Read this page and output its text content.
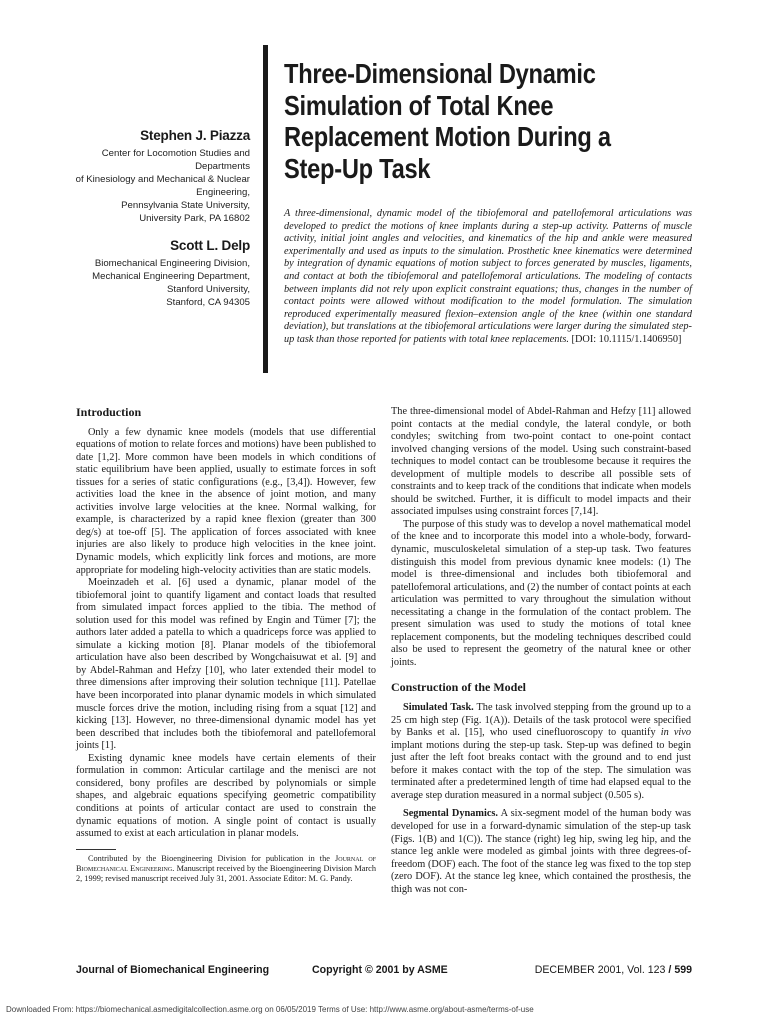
Stephen J. Piazza

Center for Locomotion Studies and Departments
of Kinesiology and Mechanical & Nuclear
Engineering,
Pennsylvania State University,
University Park, PA 16802

Scott L. Delp

Biomechanical Engineering Division,
Mechanical Engineering Department,
Stanford University,
Stanford, CA 94305

Three-Dimensional Dynamic
Simulation of Total Knee
Replacement Motion During a
Step-Up Task

A three-dimensional, dynamic model of the tibiofemoral and patellofemoral articulations was developed to predict the motions of knee implants during a step-up activity. Patterns of muscle activity, initial joint angles and velocities, and kinematics of the hip and ankle were measured experimentally and used as inputs to the simulation. Prosthetic knee kinematics were determined by integration of dynamic equations of motion subject to forces generated by muscles, ligaments, and contact at both the tibiofemoral and patellofemoral articulations. The modeling of contacts between implants did not rely upon explicit constraint equations; thus, changes in the number of contact points were allowed without modification to the model formulation. The simulation reproduced experimentally measured flexion–extension angle of the knee (within one standard deviation), but translations at the tibiofemoral articulations were larger during the simulated step-up task than those reported for patients with total knee replacements. [DOI: 10.1115/1.1406950]

Introduction

Only a few dynamic knee models (models that use differential equations of motion to relate forces and motions) have been published to date [1,2]. More common have been models in which conditions of static equilibrium have been applied, usually to estimate forces in soft tissues for a series of static configurations (e.g., [3,4]). However, few activities load the knee in the absence of joint motion, and many activities involve large velocities at the knee. Normal walking, for example, is characterized by a rapid knee flexion (greater than 300 deg/s) at toe-off [5]. The application of forces associated with knee injuries are also likely to produce high velocities in the knee joint. Dynamic models, which explicitly link forces and motions, are more appropriate for modeling high-velocity activities than are static models.

Moeinzadeh et al. [6] used a dynamic, planar model of the tibiofemoral joint to quantify ligament and contact loads that resulted from simulated impact forces applied to the tibia. The method of solution used for this model was refined by Engin and Tümer [7]; the authors later added a patella to which a quadriceps force was applied to simulate a kicking motion [8]. Planar models of the tibiofemoral articulation have also been described by Wongchaisuwat et al. [9] and by Abdel-Rahman and Hefzy [10], who later extended their model to three dimensions after improving their solution technique [11]. Patellae have been incorporated into planar dynamic models in which simulated muscle forces drive the motion, including rising from a squat [12] and kicking [13]. However, no three-dimensional dynamic model has yet been described that includes both the tibiofemoral and patellofemoral joints [1].

Existing dynamic knee models have certain elements of their formulation in common: Articular cartilage and the menisci are not considered, bony profiles are described by polynomials or simple shapes, and algebraic equations specifying geometric compatibility conditions at points of articular contact are used to constrain the dynamic equations of motion. A single point of contact is usually assumed to exist at each articulation in planar models.

Contributed by the Bioengineering Division for publication in the Journal of Biomechanical Engineering. Manuscript received by the Bioengineering Division March 2, 1999; revised manuscript received July 31, 2001. Associate Editor: M. G. Pandy.

The three-dimensional model of Abdel-Rahman and Hefzy [11] allowed point contacts at the medial condyle, the lateral condyle, or both condyles; switching from two-point contact to one-point contact involved changing versions of the model. Using such constraint-based techniques to model contact can be troublesome because it requires the development of multiple models to describe all possible sets of constraints and to keep track of the conditions that indicate when models should be switched. Further, it is difficult to model impacts and their associated impulses using constraint forces [7,14].

The purpose of this study was to develop a novel mathematical model of the knee and to incorporate this model into a whole-body, forward-dynamic, musculoskeletal simulation of a step-up task. Two features distinguish this model from previous dynamic knee models: (1) The model is three-dimensional and includes both tibiofemoral and patellofemoral articulations, and (2) the number of contact points at each articulation was permitted to vary throughout the simulation without necessitating a change in the formulation of the contact problem. The present simulation was used to study the motions of total knee replacement components, but the modeling techniques described could also be used to represent the geometry of the natural knee or other joints.

Construction of the Model

Simulated Task. The task involved stepping from the ground up to a 25 cm high step (Fig. 1(A)). Details of the task protocol were specified by Banks et al. [15], who used cinefluoroscopy to quantify in vivo implant motions during the step-up task. Step-up was defined to begin just after the left foot breaks contact with the ground and to end just before it makes contact with the top of the step. The simulation was terminated after a predetermined length of time had elapsed equal to the average step duration measured in a normal subject (0.505 s).

Segmental Dynamics. A six-segment model of the human body was developed for use in a forward-dynamic simulation of the step-up task (Figs. 1(B) and 1(C)). The stance (right) leg hip, swing leg hip, and the stance leg ankle were modeled as gimbal joints with three degrees-of-freedom (DOF) each. The foot of the stance leg was fixed to the top step (zero DOF). At the stance leg knee, which contained the prosthesis, the thigh was not con-

Journal of Biomechanical Engineering	Copyright © 2001 by ASME	DECEMBER 2001, Vol. 123 / 599
Downloaded From: https://biomechanical.asmedigitalcollection.asme.org on 06/05/2019 Terms of Use: http://www.asme.org/about-asme/terms-of-use
